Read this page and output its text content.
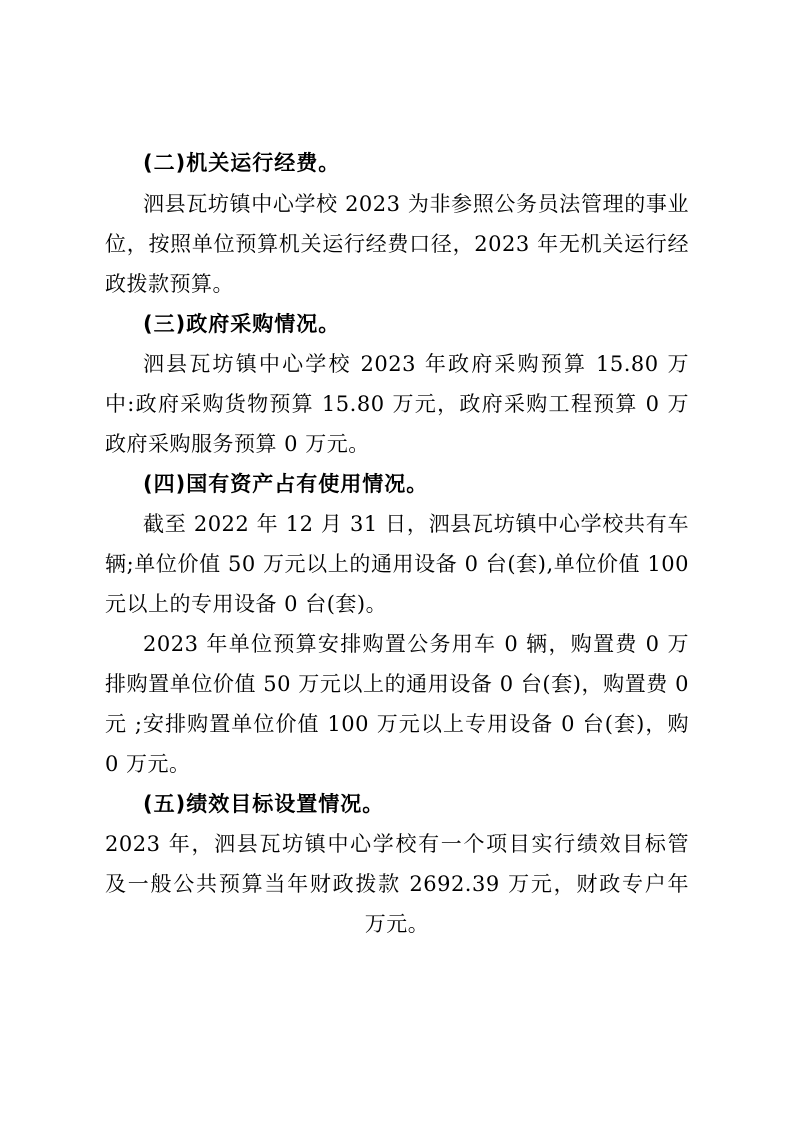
(二)机关运行经费。
泗县瓦坊镇中心学校 2023 为非参照公务员法管理的事业
位，按照单位预算机关运行经费口径，2023 年无机关运行经
政拨款预算。
(三)政府采购情况。
泗县瓦坊镇中心学校 2023 年政府采购预算 15.80 万
中:政府采购货物预算 15.80 万元，政府采购工程预算 0 万
政府采购服务预算 0 万元。
(四)国有资产占有使用情况。
截至 2022 年 12 月 31 日，泗县瓦坊镇中心学校共有车
辆;单位价值 50 万元以上的通用设备 0 台(套),单位价值 100
元以上的专用设备 0 台(套)。
2023 年单位预算安排购置公务用车 0 辆，购置费 0 万
排购置单位价值 50 万元以上的通用设备 0 台(套)，购置费 0
元 ;安排购置单位价值 100 万元以上专用设备 0 台(套)，购
0 万元。
(五)绩效目标设置情况。
2023 年，泗县瓦坊镇中心学校有一个项目实行绩效目标管
及一般公共预算当年财政拨款 2692.39 万元，财政专户年
万元。
